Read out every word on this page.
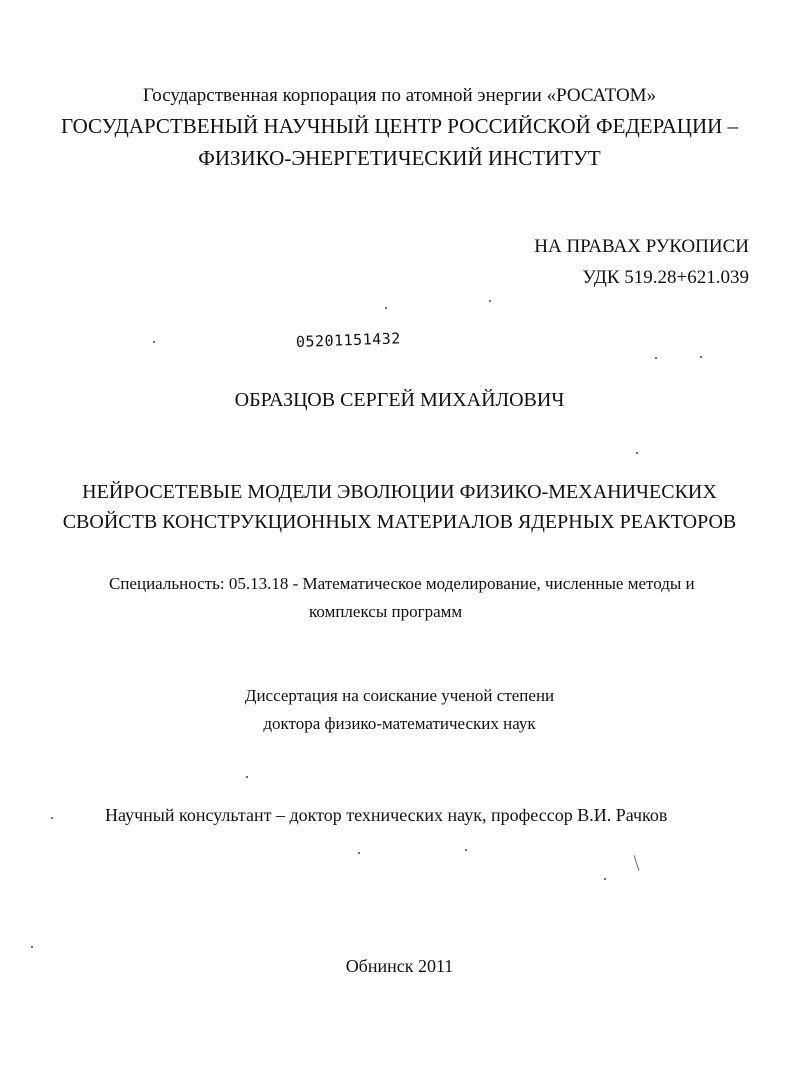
Государственная корпорация по атомной энергии «РОСАТОМ»
ГОСУДАРСТВЕНЫЙ НАУЧНЫЙ ЦЕНТР РОССИЙСКОЙ ФЕДЕРАЦИИ –
ФИЗИКО-ЭНЕРГЕТИЧЕСКИЙ ИНСТИТУТ
НА ПРАВАХ РУКОПИСИ
УДК 519.28+621.039
05201151432
ОБРАЗЦОВ СЕРГЕЙ МИХАЙЛОВИЧ
НЕЙРОСЕТЕВЫЕ МОДЕЛИ ЭВОЛЮЦИИ ФИЗИКО-МЕХАНИЧЕСКИХ
СВОЙСТВ КОНСТРУКЦИОННЫХ МАТЕРИАЛОВ ЯДЕРНЫХ РЕАКТОРОВ
Специальность: 05.13.18 - Математическое моделирование, численные методы и
комплексы программ
Диссертация на соискание ученой степени
доктора физико-математических наук
Научный консультант – доктор технических наук, профессор В.И. Рачков
Обнинск 2011
